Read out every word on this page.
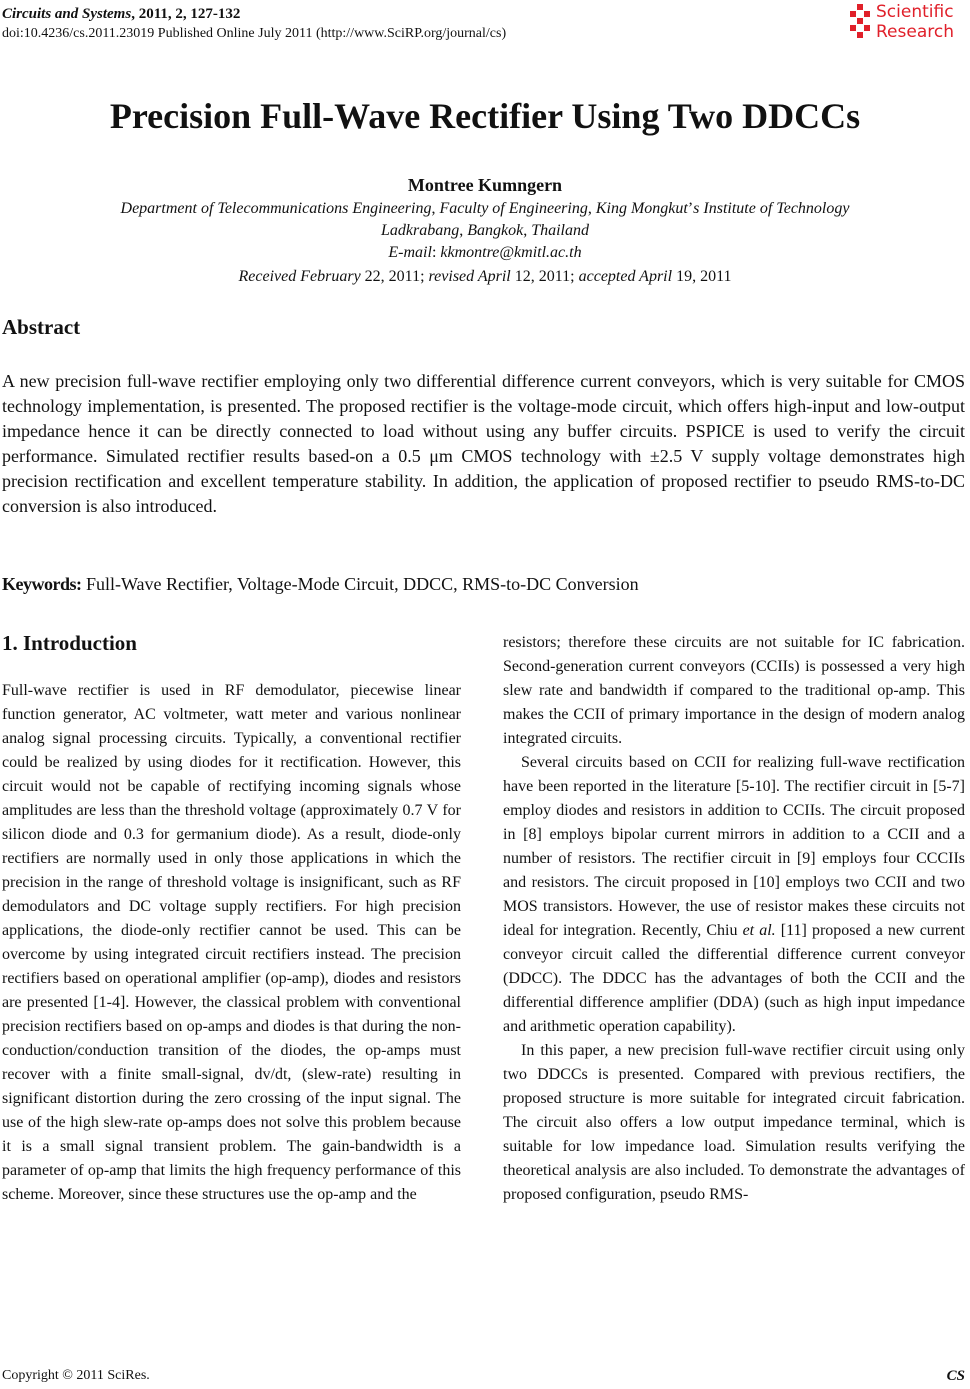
Circuits and Systems, 2011, 2, 127-132
doi:10.4236/cs.2011.23019 Published Online July 2011 (http://www.SciRP.org/journal/cs)
Scientific
Research
Precision Full-Wave Rectifier Using Two DDCCs
Montree Kumngern
Department of Telecommunications Engineering, Faculty of Engineering, King Mongkut’s Institute of Technology
Ladkrabang, Bangkok, Thailand
E-mail: kkmontre@kmitl.ac.th
Received February 22, 2011; revised April 12, 2011; accepted April 19, 2011
Abstract
A new precision full-wave rectifier employing only two differential difference current conveyors, which is very suitable for CMOS technology implementation, is presented. The proposed rectifier is the voltage-mode circuit, which offers high-input and low-output impedance hence it can be directly connected to load without using any buffer circuits. PSPICE is used to verify the circuit performance. Simulated rectifier results based-on a 0.5 μm CMOS technology with ±2.5 V supply voltage demonstrates high precision rectification and excellent temperature stability. In addition, the application of proposed rectifier to pseudo RMS-to-DC conversion is also introduced.
Keywords: Full-Wave Rectifier, Voltage-Mode Circuit, DDCC, RMS-to-DC Conversion
1. Introduction

Full-wave rectifier is used in RF demodulator, piecewise linear function generator, AC voltmeter, watt meter and various nonlinear analog signal processing circuits. Typically, a conventional rectifier could be realized by using diodes for it rectification. However, this circuit would not be capable of rectifying incoming signals whose amplitudes are less than the threshold voltage (approximately 0.7 V for silicon diode and 0.3 for germanium diode). As a result, diode-only rectifiers are normally used in only those applications in which the precision in the range of threshold voltage is insignificant, such as RF demodulators and DC voltage supply rectifiers. For high precision applications, the diode-only rectifier cannot be used. This can be overcome by using integrated circuit rectifiers instead. The precision rectifiers based on operational amplifier (op-amp), diodes and resistors are presented [1-4]. However, the classical problem with conventional precision rectifiers based on op-amps and diodes is that during the non-conduction/conduction transition of the diodes, the op-amps must recover with a finite small-signal, dv/dt, (slew-rate) resulting in significant distortion during the zero crossing of the input signal. The use of the high slew-rate op-amps does not solve this problem because it is a small signal transient problem. The gain-bandwidth is a parameter of op-amp that limits the high frequency performance of this scheme. Moreover, since these structures use the op-amp and the

resistors; therefore these circuits are not suitable for IC fabrication. Second-generation current conveyors (CCIIs) is possessed a very high slew rate and bandwidth if compared to the traditional op-amp. This makes the CCII of primary importance in the design of modern analog integrated circuits.

Several circuits based on CCII for realizing full-wave rectification have been reported in the literature [5-10]. The rectifier circuit in [5-7] employ diodes and resistors in addition to CCIIs. The circuit proposed in [8] employs bipolar current mirrors in addition to a CCII and a number of resistors. The rectifier circuit in [9] employs four CCCIIs and resistors. The circuit proposed in [10] employs two CCII and two MOS transistors. However, the use of resistor makes these circuits not ideal for integration. Recently, Chiu et al. [11] proposed a new current conveyor circuit called the differential difference current conveyor (DDCC). The DDCC has the advantages of both the CCII and the differential difference amplifier (DDA) (such as high input impedance and arithmetic operation capability).

In this paper, a new precision full-wave rectifier circuit using only two DDCCs is presented. Compared with previous rectifiers, the proposed structure is more suitable for integrated circuit fabrication. The circuit also offers a low output impedance terminal, which is suitable for low impedance load. Simulation results verifying the theoretical analysis are also included. To demonstrate the advantages of proposed configuration, pseudo RMS-

Copyright © 2011 SciRes.	CS
